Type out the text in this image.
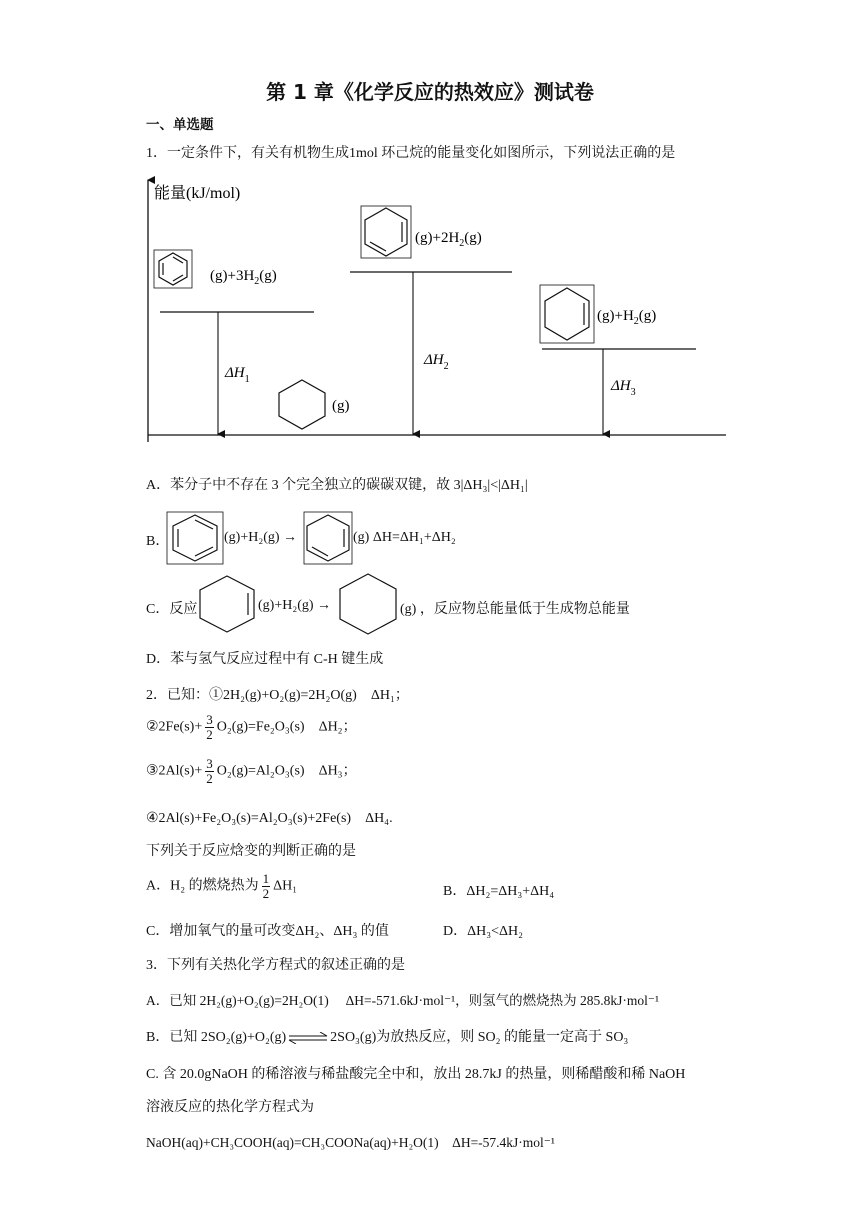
第 1 章《化学反应的热效应》测试卷
一、单选题
1．一定条件下，有关有机物生成1mol 环己烷的能量变化如图所示，下列说法正确的是
能量(kJ/mol)
$(g)+3H_2(g)$
$\Delta H_1$
(g)
$(g)+2H_2(g)$
$\Delta H_2$
$(g)+H_2(g)$
$\Delta H_3$
A．苯分子中不存在 3 个完全独立的碳碳双键，故 3|ΔH₃|<|ΔH₁|
B．	(g)+H₂(g) →	(g) ΔH=ΔH₁+ΔH₂
C．反应	(g)+H₂(g) →	(g) ，反应物总能量低于生成物总能量
D．苯与氢气反应过程中有 C-H 键生成
2．已知：①2H₂(g)+O₂(g)=2H₂O(g)　ΔH₁；
②2Fe(s)+ $\frac{3}{2} O_2(g)=Fe_2O_3(s)$　ΔH₂；
③2Al(s)+ $\frac{3}{2} O_2(g)=Al_2O_3(s)$　ΔH₃；
④2Al(s)+Fe₂O₃(s)=Al₂O₃(s)+2Fe(s)　ΔH₄.
下列关于反应焓变的判断正确的是
A．H₂ 的燃烧热为 $\frac{1}{2} \Delta H_1$	B．ΔH₂=ΔH₃+ΔH₄
C．增加氧气的量可改变ΔH₂、ΔH₃ 的值	D．ΔH₃<ΔH₂
3．下列有关热化学方程式的叙述正确的是
A．已知 2H₂(g)+O₂(g)=2H₂O(1)　 ΔH=-571.6kJ·mol⁻¹，则氢气的燃烧热为 285.8kJ·mol⁻¹
B．已知 2SO₂(g)+O₂(g)⇌2SO₃(g)为放热反应，则 SO₂ 的能量一定高于 SO₃
C. 含 20.0gNaOH 的稀溶液与稀盐酸完全中和，放出 28.7kJ 的热量，则稀醋酸和稀 NaOH
溶液反应的热化学方程式为
NaOH(aq)+CH₃COOH(aq)=CH₃COONa(aq)+H₂O(1)　ΔH=-57.4kJ·mol⁻¹
